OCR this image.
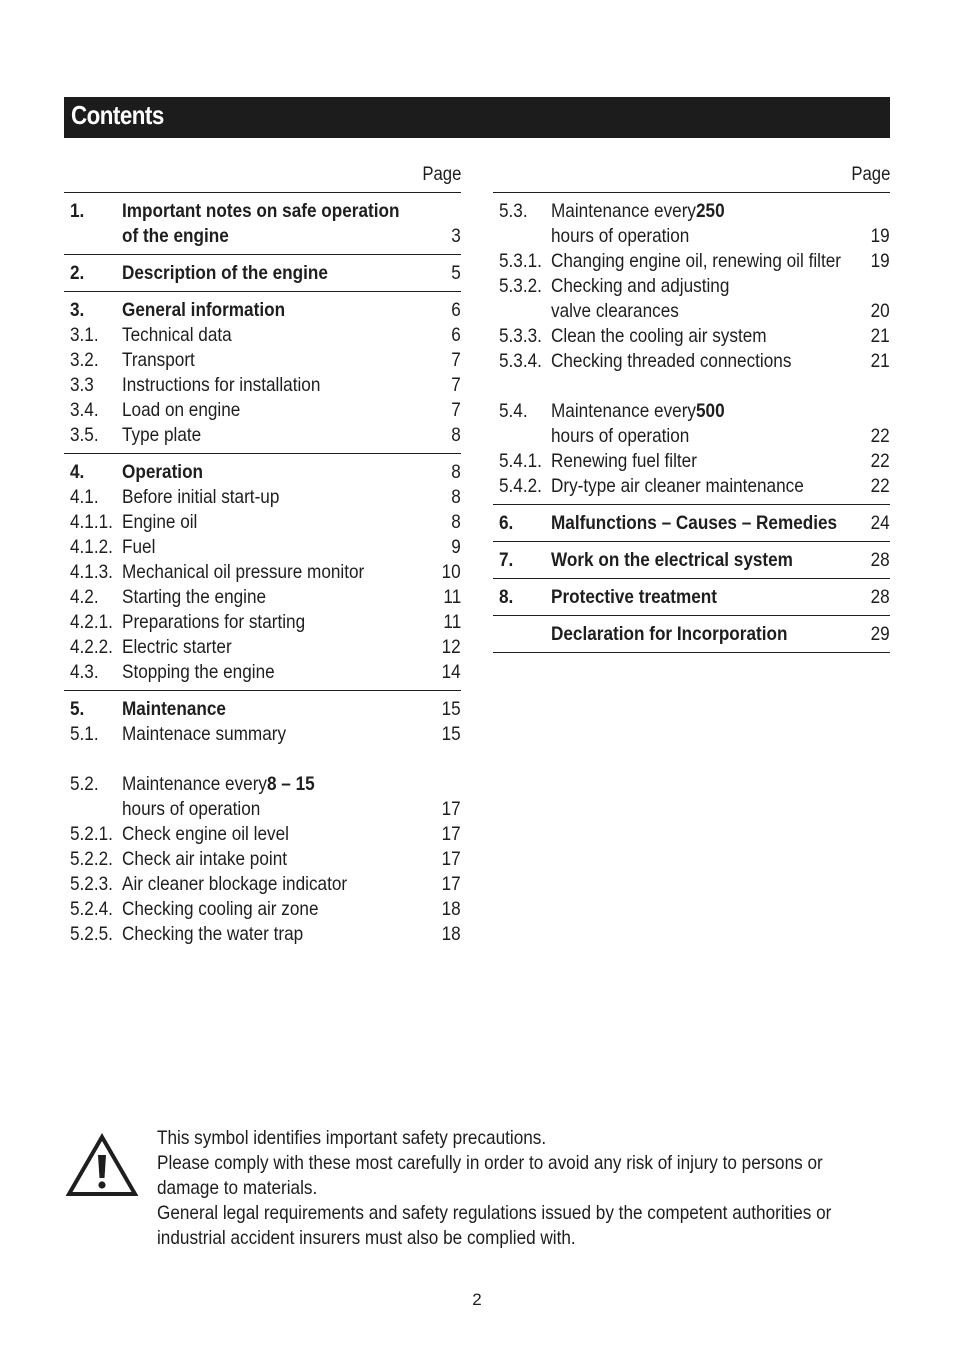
Contents
Page
1. Important notes on safe operation
of the engine	3
2. Description of the engine	5
3. General information	6
3.1. Technical data	6
3.2. Transport	7
3.3 Instructions for installation	7
3.4. Load on engine	7
3.5. Type plate	8
4. Operation	8
4.1. Before initial start-up	8
4.1.1. Engine oil	8
4.1.2. Fuel	9
4.1.3. Mechanical oil pressure monitor	10
4.2. Starting the engine	11
4.2.1. Preparations for starting	11
4.2.2. Electric starter	12
4.3. Stopping the engine	14
5. Maintenance	15
5.1. Maintenace summary	15
5.2. Maintenance every8 – 15
hours of operation	17
5.2.1. Check engine oil level	17
5.2.2. Check air intake point	17
5.2.3. Air cleaner blockage indicator	17
5.2.4. Checking cooling air zone	18
5.2.5. Checking the water trap	18
Page
5.3. Maintenance every250
hours of operation	19
5.3.1. Changing engine oil, renewing oil filter	19
5.3.2. Checking and adjusting
valve clearances	20
5.3.3. Clean the cooling air system	21
5.3.4. Checking threaded connections	21
5.4. Maintenance every500
hours of operation	22
5.4.1. Renewing fuel filter	22
5.4.2. Dry-type air cleaner maintenance	22
6. Malfunctions – Causes – Remedies	24
7. Work on the electrical system	28
8. Protective treatment	28
Declaration for Incorporation	29
This symbol identifies important safety precautions.
Please comply with these most carefully in order to avoid any risk of injury to persons or
damage to materials.
General legal requirements and safety regulations issued by the competent authorities or
industrial accident insurers must also be complied with.
2
